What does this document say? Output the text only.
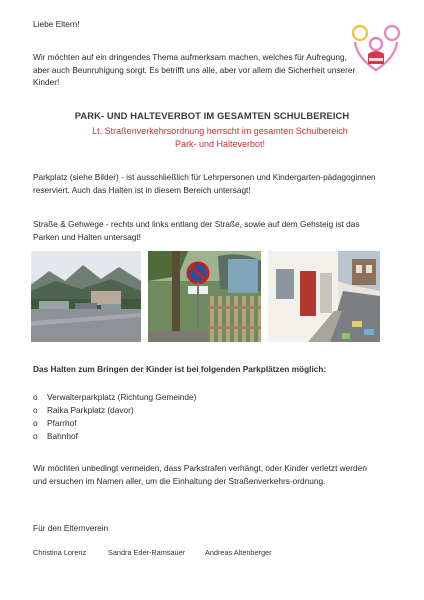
Liebe Eltern!

Wir möchten auf ein dringendes Thema aufmerksam machen, welches für Aufregung, aber auch Beunruhigung sorgt. Es betrifft uns alle, aber vor allem die Sicherheit unserer Kinder!

PARK- UND HALTEVERBOT IM GESAMTEN SCHULBEREICH
Lt. Straßenverkehrsordnung herrscht im gesamten Schulbereich
Park- und Halteverbot!

Parkplatz (siehe Bilder) - ist ausschließlich für Lehrpersonen und Kindergarten-pädagoginnen reserviert. Auch das Halten ist in diesem Bereich untersagt!

Straße & Gehwege - rechts und links entlang der Straße, sowie auf dem Gehsteig ist das Parken und Halten untersagt!

Das Halten zum Bringen der Kinder ist bei folgenden Parkplätzen möglich:

o	Verwalterparkplatz (Richtung Gemeinde)
o	Raika Parkplatz (davor)
o	Pfarrhof
o	Bahnhof

Wir möchten unbedingt vermeiden, dass Parkstrafen verhängt, oder Kinder verletzt werden und ersuchen im Namen aller, um die Einhaltung der Straßenverkehrs-ordnung.

Für den Elternverein

Christina Lorenz	Sandra Eder-Ramsauer	Andreas Altenberger
